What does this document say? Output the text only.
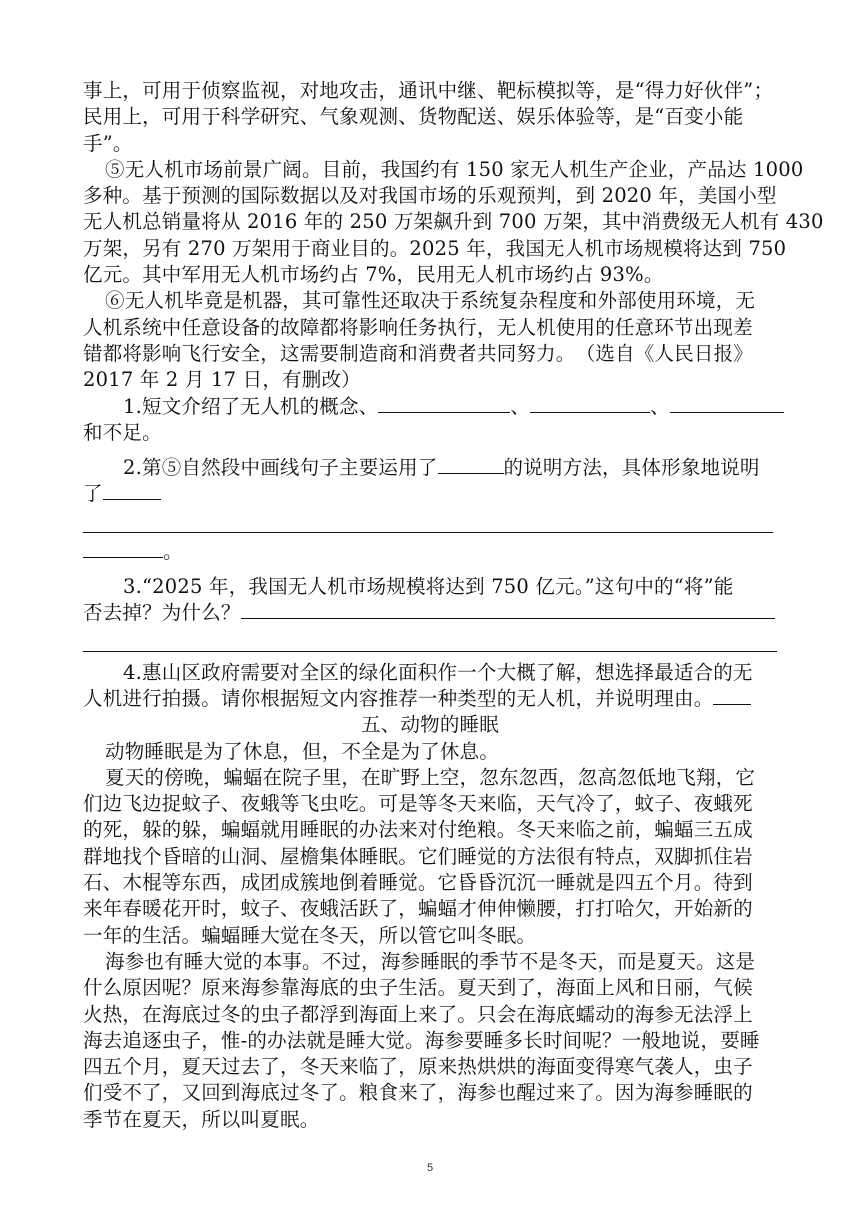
事上，可用于侦察监视，对地攻击，通讯中继、靶标模拟等，是“得力好伙伴”；
民用上，可用于科学研究、气象观测、货物配送、娱乐体验等，是“百变小能
手”。
⑤无人机市场前景广阔。目前，我国约有 150 家无人机生产企业，产品达 1000
多种。基于预测的国际数据以及对我国市场的乐观预判，到 2020 年，美国小型
无人机总销量将从 2016 年的 250 万架飙升到 700 万架，其中消费级无人机有 430
万架，另有 270 万架用于商业目的。2025 年，我国无人机市场规模将达到 750
亿元。其中军用无人机市场约占 7%，民用无人机市场约占 93%。
⑥无人机毕竟是机器，其可靠性还取决于系统复杂程度和外部使用环境，无
人机系统中任意设备的故障都将影响任务执行，无人机使用的任意环节出现差
错都将影响飞行安全，这需要制造商和消费者共同努力。　（选自《人民日报》
2017 年 2 月 17 日，有删改）
1.短文介绍了无人机的概念、	、	、
和不足。
2.第⑤自然段中画线句子主要运用了	的说明方法，具体形象地说明
了
。
3.“2025 年，我国无人机市场规模将达到 750 亿元。”这句中的“将”能
否去掉？为什么？
4.惠山区政府需要对全区的绿化面积作一个大概了解，想选择最适合的无
人机进行拍摄。请你根据短文内容推荐一种类型的无人机，并说明理由。
五、动物的睡眠
动物睡眠是为了休息，但，不全是为了休息。
夏天的傍晚，蝙蝠在院子里，在旷野上空，忽东忽西，忽高忽低地飞翔，它
们边飞边捉蚊子、夜蛾等飞虫吃。可是等冬天来临，天气冷了，蚊子、夜蛾死
的死，躲的躲，蝙蝠就用睡眠的办法来对付绝粮。冬天来临之前，蝙蝠三五成
群地找个昏暗的山洞、屋檐集体睡眠。它们睡觉的方法很有特点，双脚抓住岩
石、木棍等东西，成团成簇地倒着睡觉。它昏昏沉沉一睡就是四五个月。待到
来年春暖花开时，蚊子、夜蛾活跃了，蝙蝠才伸伸懒腰，打打哈欠，开始新的
一年的生活。蝙蝠睡大觉在冬天，所以管它叫冬眠。
海参也有睡大觉的本事。不过，海参睡眠的季节不是冬天，而是夏天。这是
什么原因呢？原来海参靠海底的虫子生活。夏天到了，海面上风和日丽，气候
火热，在海底过冬的虫子都浮到海面上来了。只会在海底蠕动的海参无法浮上
海去追逐虫子，惟-的办法就是睡大觉。海参要睡多长时间呢？一般地说，要睡
四五个月，夏天过去了，冬天来临了，原来热烘烘的海面变得寒气袭人，虫子
们受不了，又回到海底过冬了。粮食来了，海参也醒过来了。因为海参睡眠的
季节在夏天，所以叫夏眠。
5
